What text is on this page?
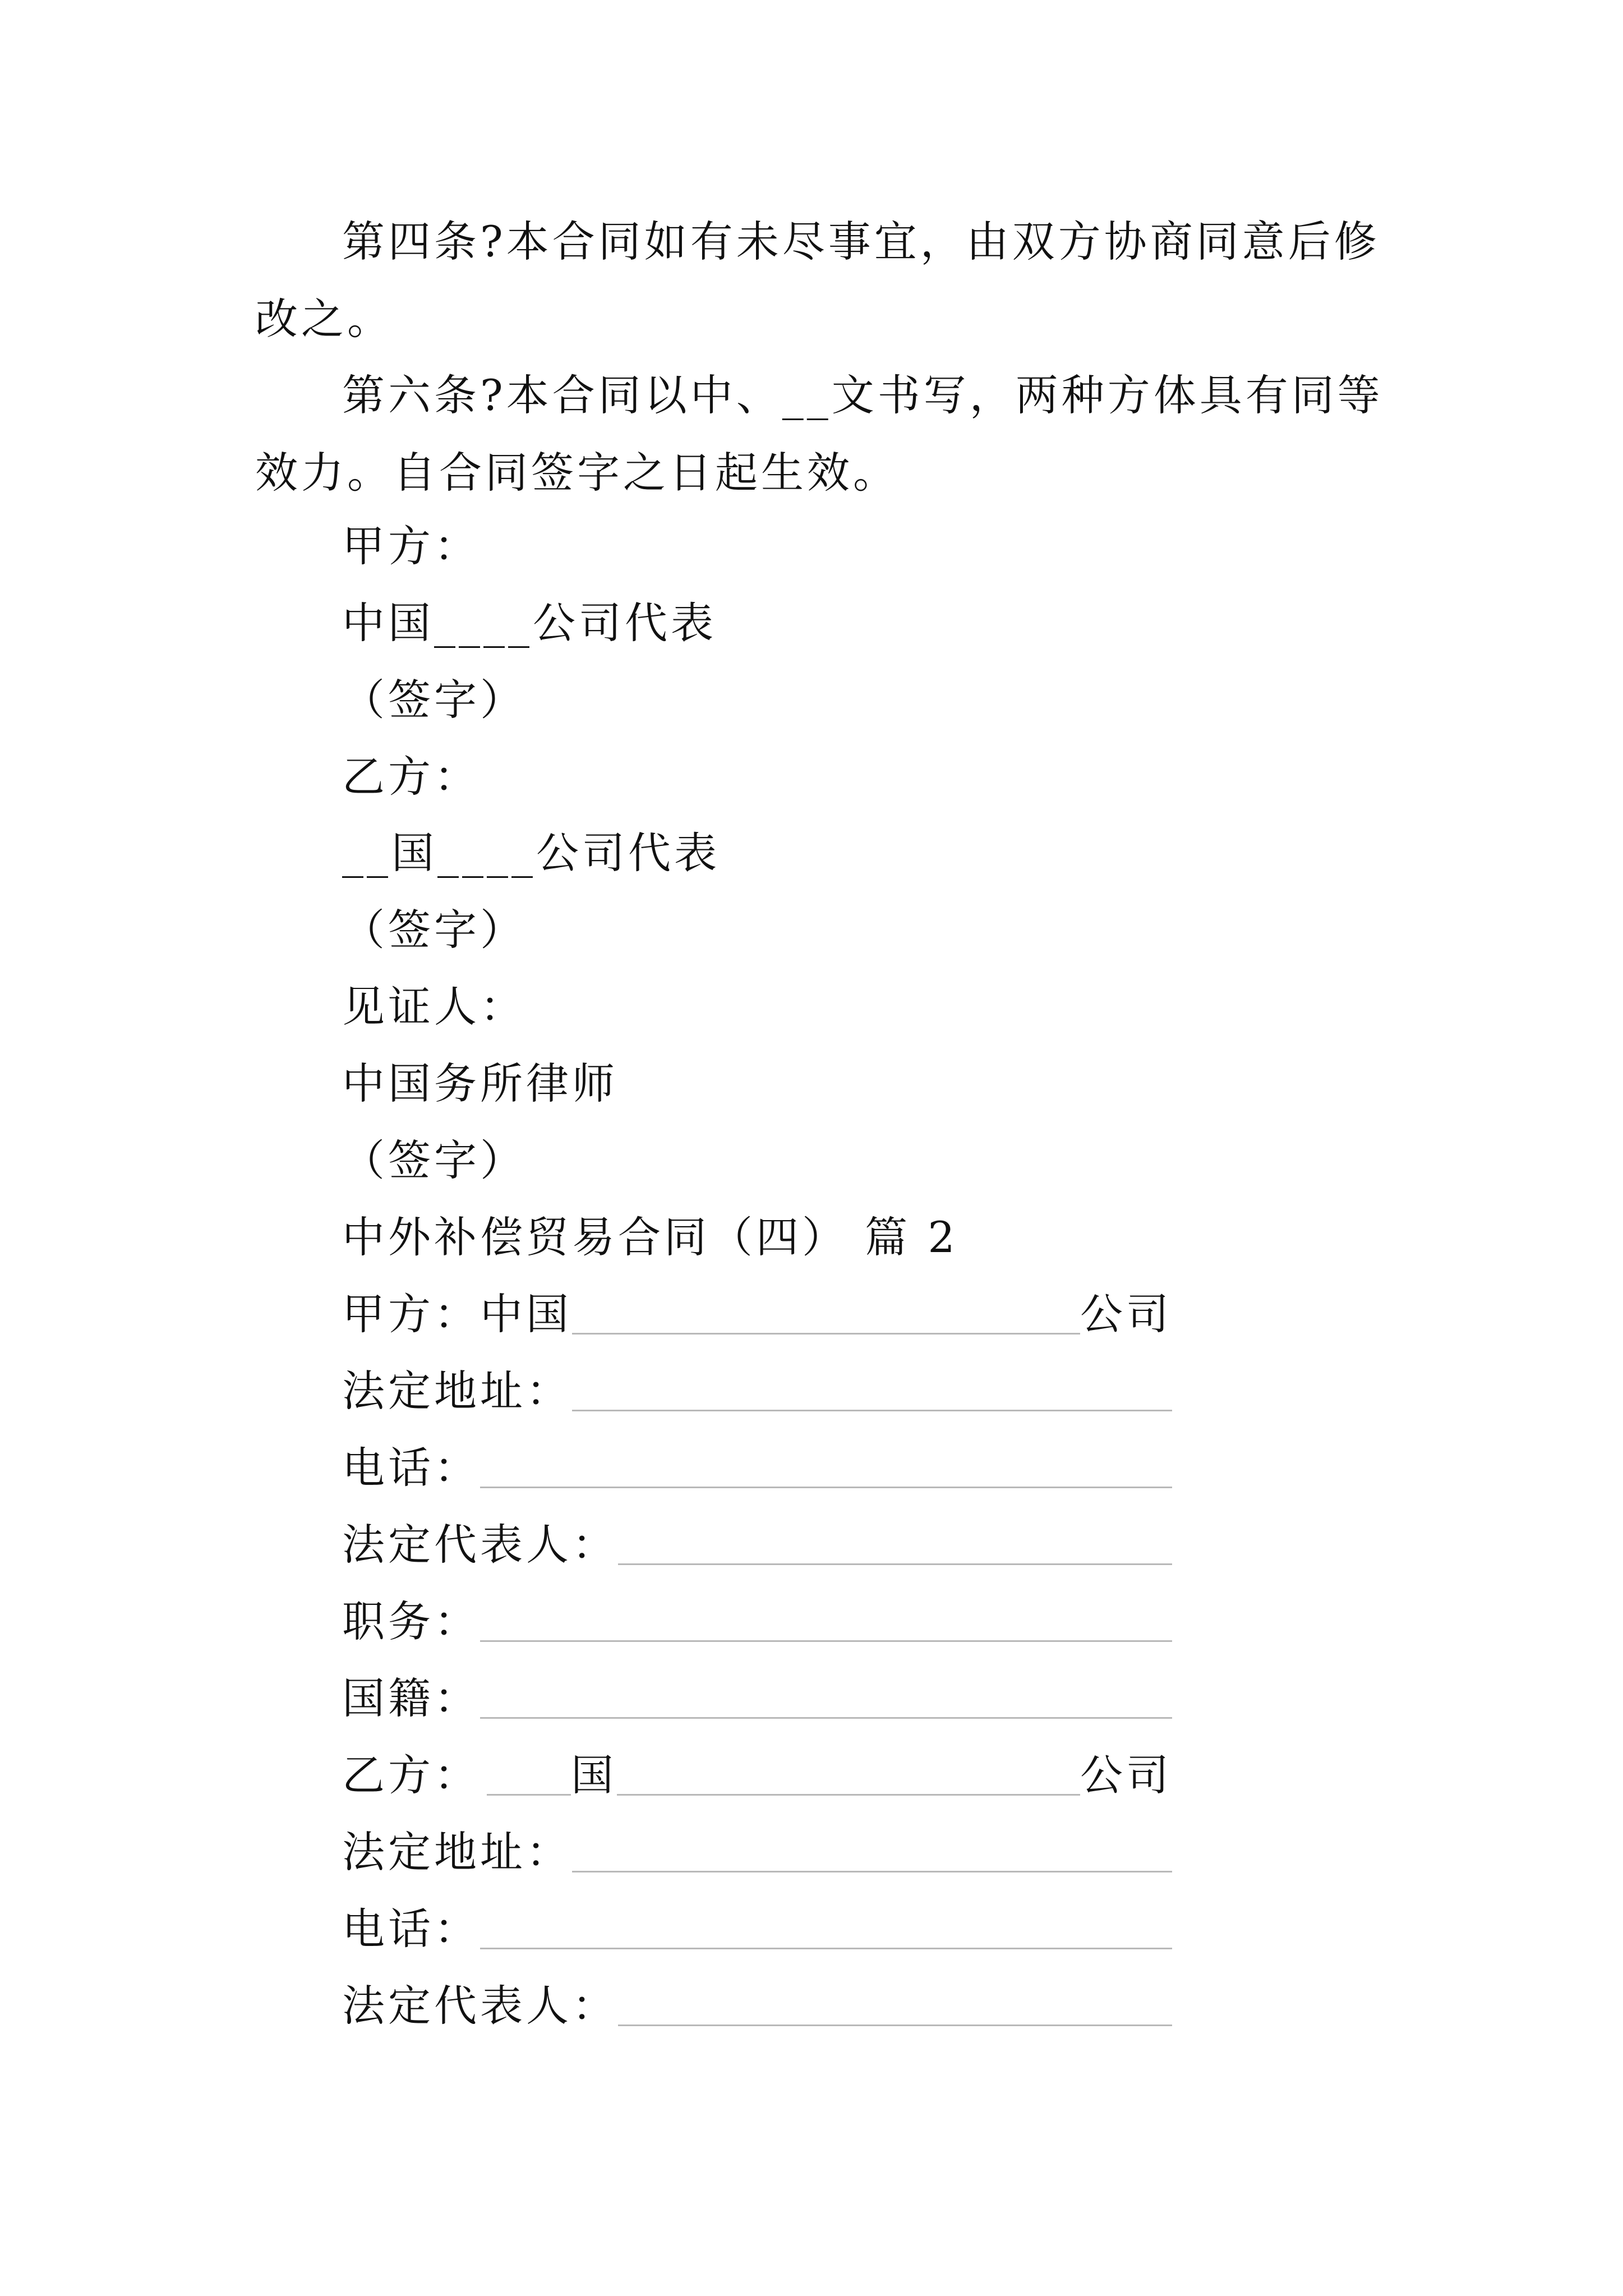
第四条?本合同如有未尽事宜，由双方协商同意后修改之。
第六条?本合同以中、__文书写，两种方体具有同等效力。自合同签字之日起生效。
甲方：
中国____公司代表
（签字）
乙方：
__国____公司代表
（签字）
见证人：
中国务所律师
（签字）
中外补偿贸易合同（四） 篇 2
甲方：中国	公司
法定地址：
电话：
法定代表人：
职务：
国籍：
乙方： 国	公司
法定地址：
电话：
法定代表人：
